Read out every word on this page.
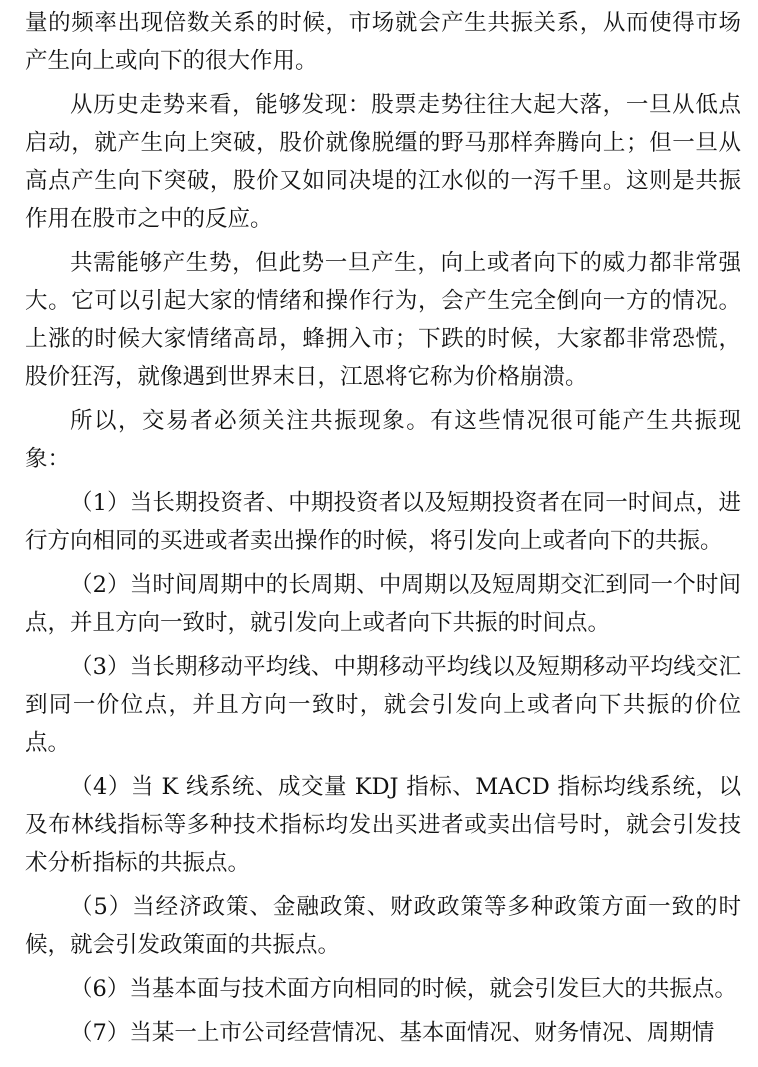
量的频率出现倍数关系的时候，市场就会产生共振关系，从而使得市场产生向上或向下的很大作用。

从历史走势来看，能够发现：股票走势往往大起大落，一旦从低点启动，就产生向上突破，股价就像脱缰的野马那样奔腾向上；但一旦从高点产生向下突破，股价又如同决堤的江水似的一泻千里。这则是共振作用在股市之中的反应。

共需能够产生势，但此势一旦产生，向上或者向下的威力都非常强大。它可以引起大家的情绪和操作行为，会产生完全倒向一方的情况。上涨的时候大家情绪高昂，蜂拥入市；下跌的时候，大家都非常恐慌，股价狂泻，就像遇到世界末日，江恩将它称为价格崩溃。

所以，交易者必须关注共振现象。有这些情况很可能产生共振现象：

（1）当长期投资者、中期投资者以及短期投资者在同一时间点，进行方向相同的买进或者卖出操作的时候，将引发向上或者向下的共振。

（2）当时间周期中的长周期、中周期以及短周期交汇到同一个时间点，并且方向一致时，就引发向上或者向下共振的时间点。

（3）当长期移动平均线、中期移动平均线以及短期移动平均线交汇到同一价位点，并且方向一致时，就会引发向上或者向下共振的价位点。

（4）当 K 线系统、成交量 KDJ 指标、MACD 指标均线系统，以及布林线指标等多种技术指标均发出买进者或卖出信号时，就会引发技术分析指标的共振点。

（5）当经济政策、金融政策、财政政策等多种政策方面一致的时候，就会引发政策面的共振点。

（6）当基本面与技术面方向相同的时候，就会引发巨大的共振点。

（7）当某一上市公司经营情况、基本面情况、财务情况、周期情
